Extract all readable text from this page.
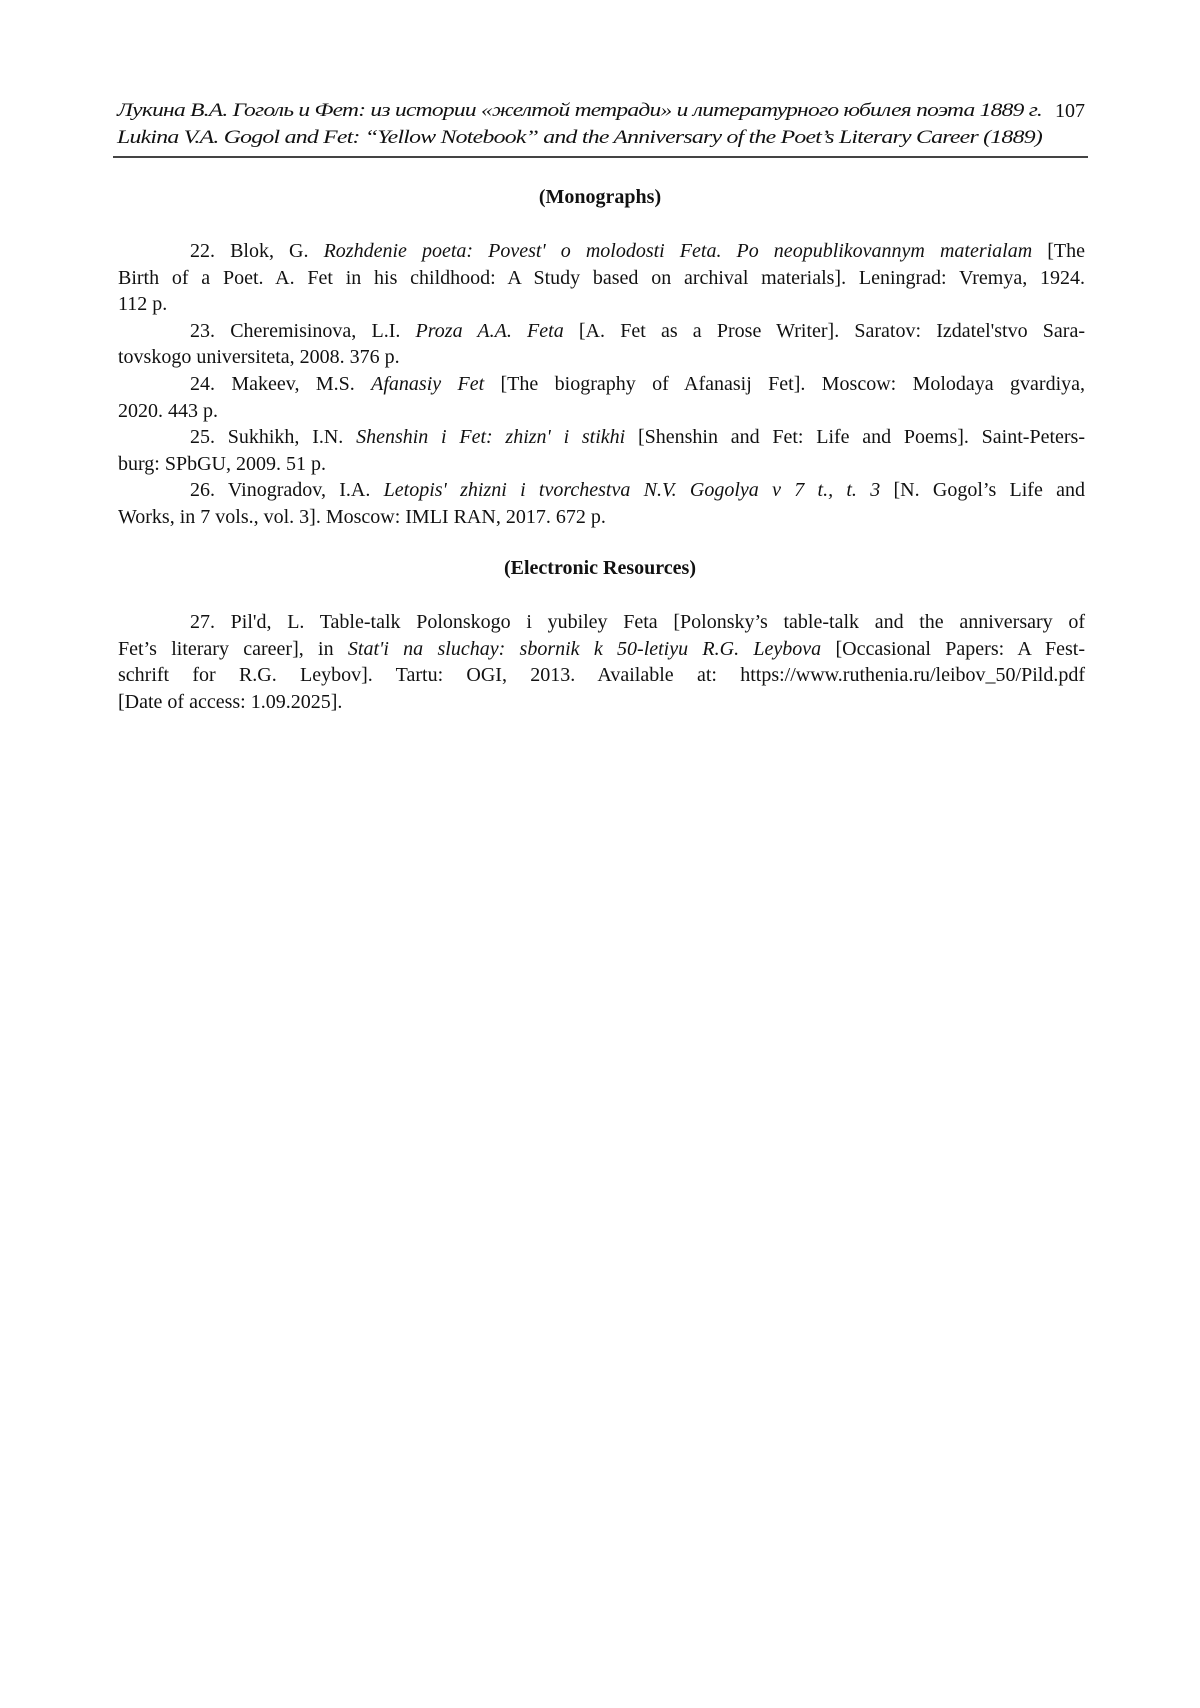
Лукина В.А. Гоголь и Фет: из истории «желтой тетради» и литературного юбилея поэта 1889 г. 107
Lukina V.A. Gogol and Fet: “Yellow Notebook” and the Anniversary of the Poet’s Literary Career (1889)
(Monographs)
22. Blok, G. Rozhdenie poeta: Povest' o molodosti Feta. Po neopublikovannym materialam [The
Birth of a Poet. A. Fet in his childhood: A Study based on archival materials]. Leningrad: Vremya, 1924.
112 p.
23. Cheremisinova, L.I. Proza A.A. Feta [A. Fet as a Prose Writer]. Saratov: Izdatel'stvo Sara-
tovskogo universiteta, 2008. 376 p.
24. Makeev, M.S. Afanasiy Fet [The biography of Afanasij Fet]. Moscow: Molodaya gvardiya,
2020. 443 p.
25. Sukhikh, I.N. Shenshin i Fet: zhizn' i stikhi [Shenshin and Fet: Life and Poems]. Saint-Peters-
burg: SPbGU, 2009. 51 p.
26. Vinogradov, I.A. Letopis' zhizni i tvorchestva N.V. Gogolya v 7 t., t. 3 [N. Gogol’s Life and
Works, in 7 vols., vol. 3]. Moscow: IMLI RAN, 2017. 672 p.
(Electronic Resources)
27. Pil'd, L. Table-talk Polonskogo i yubiley Feta [Polonsky’s table-talk and the anniversary of
Fet’s literary career], in Stat'i na sluchay: sbornik k 50-letiyu R.G. Leybova [Occasional Papers: A Fest-
schrift for R.G. Leybov]. Tartu: OGI, 2013. Available at: https://www.ruthenia.ru/leibov_50/Pild.pdf
[Date of access: 1.09.2025].
